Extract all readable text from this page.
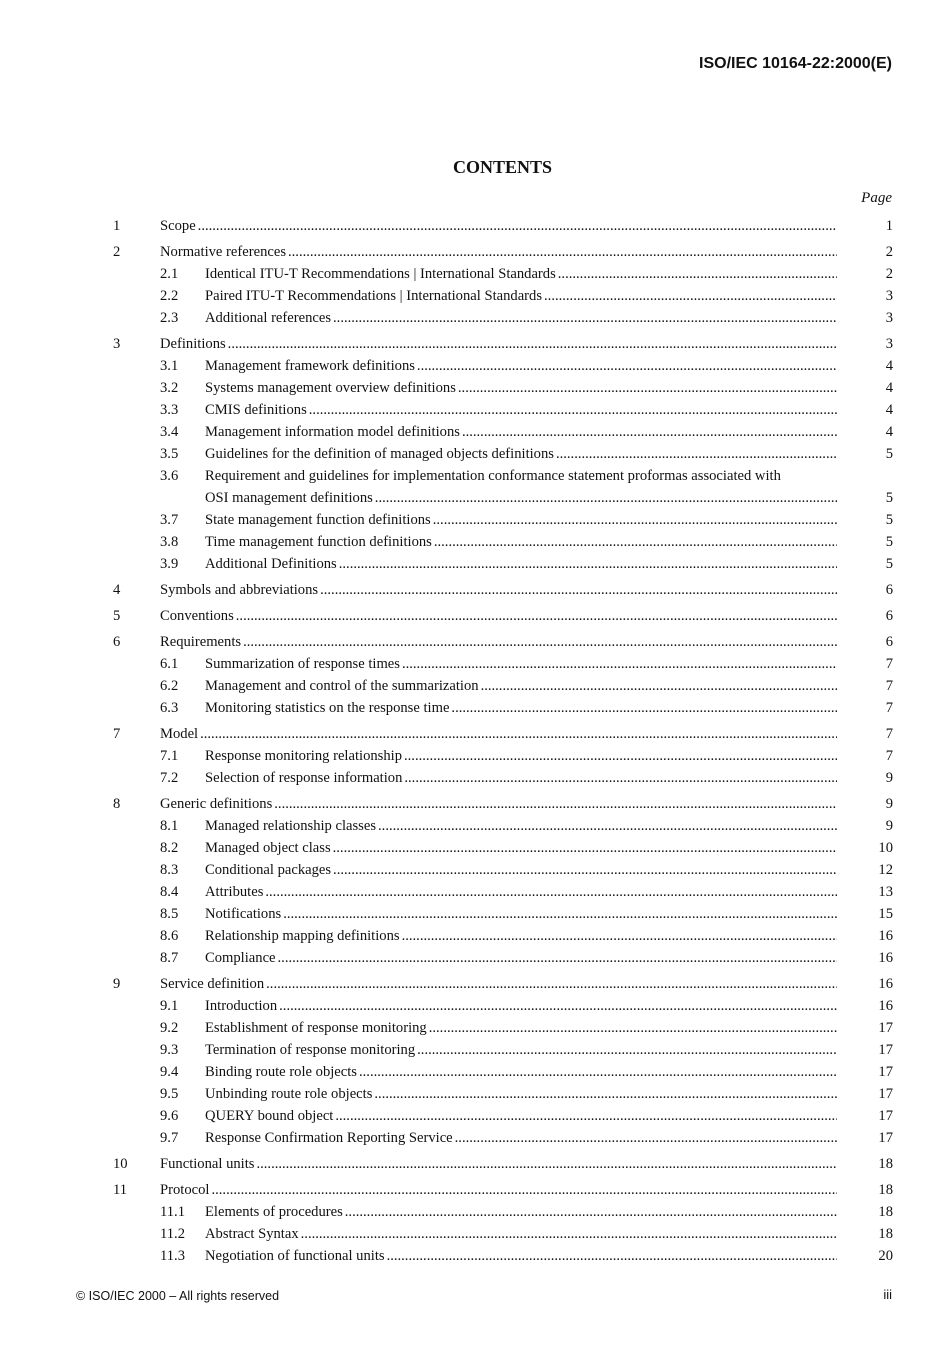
ISO/IEC 10164-22:2000(E)
CONTENTS
Page
1	Scope .....	1
2	Normative references .....	2
2.1 Identical ITU-T Recommendations | International Standards .....	2
2.2 Paired ITU-T Recommendations | International Standards .....	3
2.3 Additional references .....	3
3	Definitions .....	3
3.1 Management framework definitions .....	4
3.2 Systems management overview definitions .....	4
3.3 CMIS definitions .....	4
3.4 Management information model definitions .....	4
3.5 Guidelines for the definition of managed objects definitions .....	5
3.6 Requirement and guidelines for implementation conformance statement proformas associated with
OSI management definitions .....	5
3.7 State management function definitions .....	5
3.8 Time management function definitions .....	5
3.9 Additional Definitions .....	5
4	Symbols and abbreviations .....	6
5	Conventions .....	6
6	Requirements .....	6
6.1 Summarization of response times .....	7
6.2 Management and control of the summarization .....	7
6.3 Monitoring statistics on the response time .....	7
7	Model .....	7
7.1 Response monitoring relationship .....	7
7.2 Selection of response information .....	9
8	Generic definitions .....	9
8.1 Managed relationship classes .....	9
8.2 Managed object class .....	10
8.3 Conditional packages .....	12
8.4 Attributes .....	13
8.5 Notifications .....	15
8.6 Relationship mapping definitions .....	16
8.7 Compliance .....	16
9	Service definition .....	16
9.1 Introduction .....	16
9.2 Establishment of response monitoring .....	17
9.3 Termination of response monitoring .....	17
9.4 Binding route role objects .....	17
9.5 Unbinding route role objects .....	17
9.6 QUERY bound object .....	17
9.7 Response Confirmation Reporting Service .....	17
10 Functional units .....	18
11 Protocol .....	18
11.1 Elements of procedures .....	18
11.2 Abstract Syntax .....	18
11.3 Negotiation of functional units .....	20
© ISO/IEC 2000 – All rights reserved	iii
